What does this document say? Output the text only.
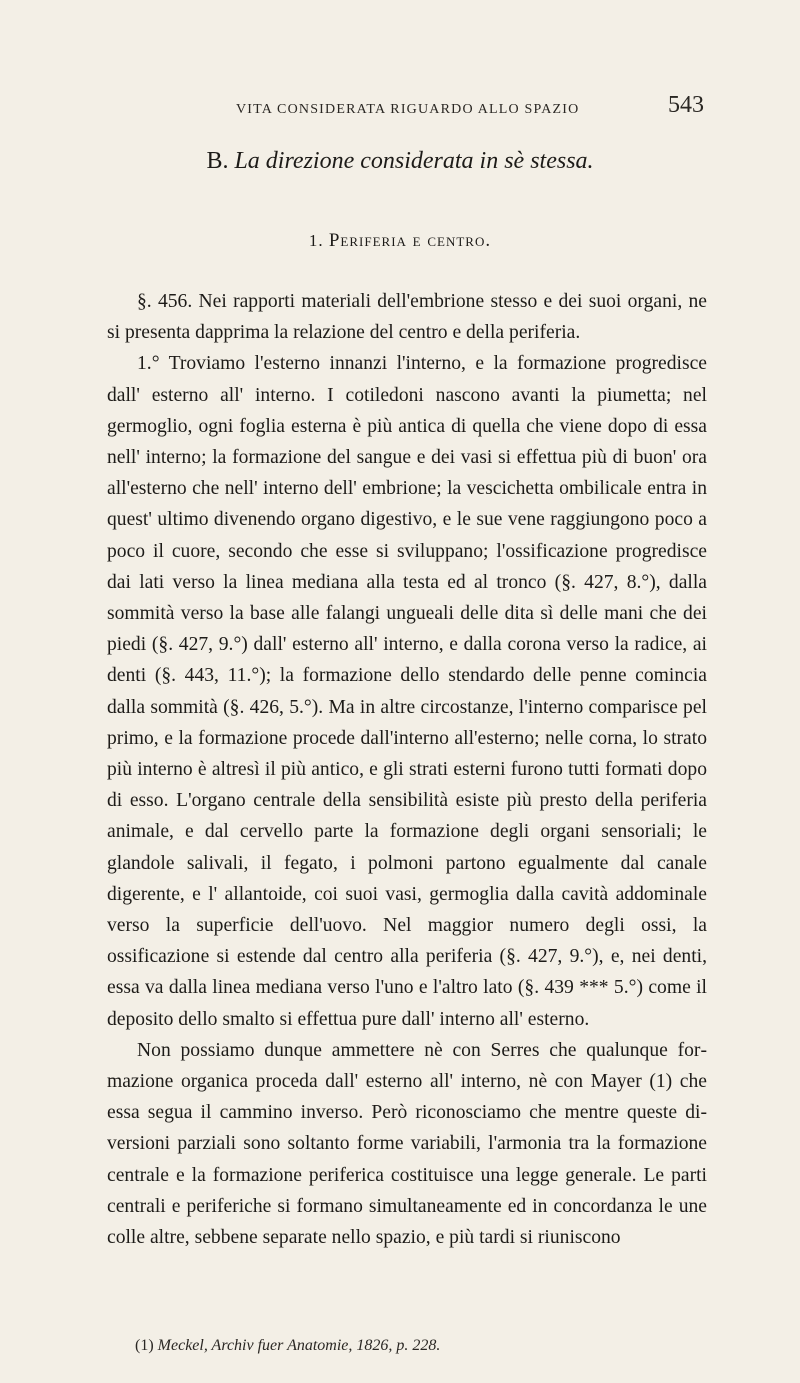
VITA CONSIDERATA RIGUARDO ALLO SPAZIO	543
B. La direzione considerata in sè stessa.
1. Periferia e centro.

§. 456. Nei rapporti materiali dell'embrione stesso e dei suoi organi, ne si presenta dapprima la relazione del centro e della periferia.

1.° Troviamo l'esterno innanzi l'interno, e la formazione progredisce dall' esterno all' interno. I cotiledoni nascono avanti la piumetta; nel germoglio, ogni foglia esterna è più antica di quella che viene dopo di essa nell' interno; la formazione del sangue e dei vasi si effettua più di buon' ora all'esterno che nell' interno dell' embrione; la vescichetta ombilicale entra in quest' ultimo divenendo organo digestivo, e le sue vene raggiungono poco a poco il cuore, secondo che esse si sviluppano; l'ossificazione progredisce dai lati verso la linea mediana alla testa ed al tronco (§. 427, 8.°), dalla sommità verso la base alle falangi ungueali delle dita sì delle mani che dei piedi (§. 427, 9.°) dall' esterno all' interno, e dalla corona verso la radice, ai denti (§. 443, 11.°); la formazione dello stendardo delle penne comincia dalla sommità (§. 426, 5.°). Ma in altre circostanze, l'interno comparisce pel primo, e la formazione procede dall'interno all'esterno; nelle corna, lo strato più interno è altresì il più antico, e gli strati esterni furono tutti formati dopo di esso. L'organo centrale della sensibilità esiste più presto della periferia animale, e dal cervello parte la formazione degli organi sensoriali; le glandole salivali, il fegato, i polmoni partono egualmente dal canale digerente, e l' allantoide, coi suoi vasi, germoglia dalla cavità addominale verso la superficie dell'uovo. Nel maggior numero degli ossi, la ossificazione si estende dal centro alla periferia (§. 427, 9.°), e, nei denti, essa va dalla linea mediana verso l'uno e l'altro lato (§. 439 *** 5.°) come il deposito dello smalto si effettua pure dall' interno all' esterno.

Non possiamo dunque ammettere nè con Serres che qualunque formazione organica proceda dall' esterno all' interno, nè con Mayer (1) che essa segua il cammino inverso. Però riconosciamo che mentre queste diversioni parziali sono soltanto forme variabili, l'armonia tra la formazione centrale e la formazione periferica costituisce una legge generale. Le parti centrali e periferiche si formano simultaneamente ed in concordanza le une colle altre, sebbene separate nello spazio, e più tardi si riuniscono

(1) Meckel, Archiv fuer Anatomie, 1826, p. 228.
